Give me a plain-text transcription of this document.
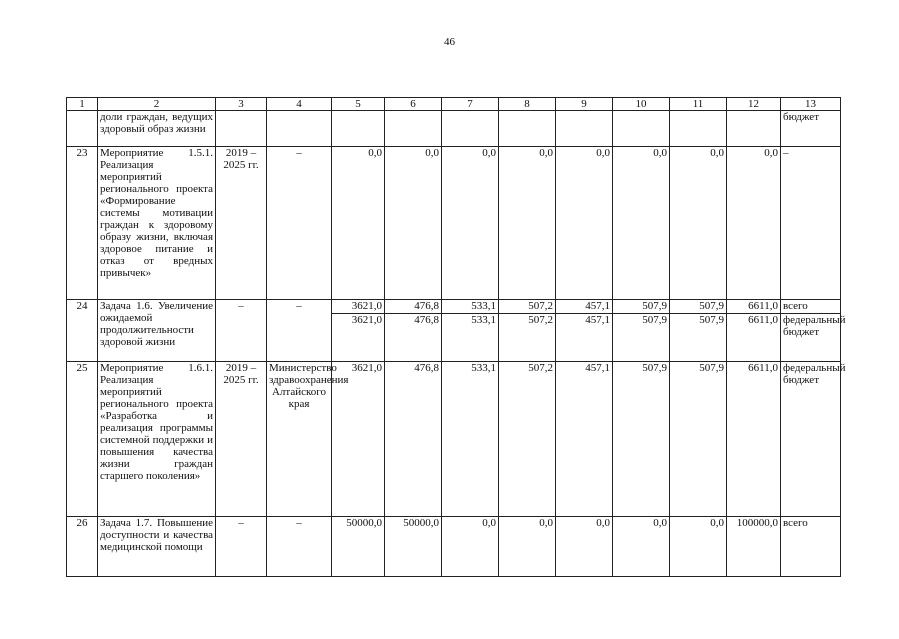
46
1	2	3	4	5	6	7	8	9	10	11	12	13
	доли граждан, ведущих здоровый образ жизни											бюджет
23	Мероприятие 1.5.1. Реализация мероприятий регионального проекта «Формирование системы мотивации граждан к здоровому образу жизни, включая здоровое питание и отказ от вредных привычек»	2019 – 2025 гг.	–	0,0	0,0	0,0	0,0	0,0	0,0	0,0	0,0	–
24	Задача 1.6. Увеличение ожидаемой продолжительности здоровой жизни	–	–	3621,0	476,8	533,1	507,2	457,1	507,9	507,9	6611,0	всего
				3621,0	476,8	533,1	507,2	457,1	507,9	507,9	6611,0	федеральный бюджет
25	Мероприятие 1.6.1. Реализация мероприятий регионального проекта «Разработка и реализация программы системной поддержки и повышения качества жизни граждан старшего поколения»	2019 – 2025 гг.	Министерство здравоохранения Алтайского края	3621,0	476,8	533,1	507,2	457,1	507,9	507,9	6611,0	федеральный бюджет
26	Задача 1.7. Повышение доступности и качества медицинской помощи	–	–	50000,0	50000,0	0,0	0,0	0,0	0,0	0,0	100000,0	всего
